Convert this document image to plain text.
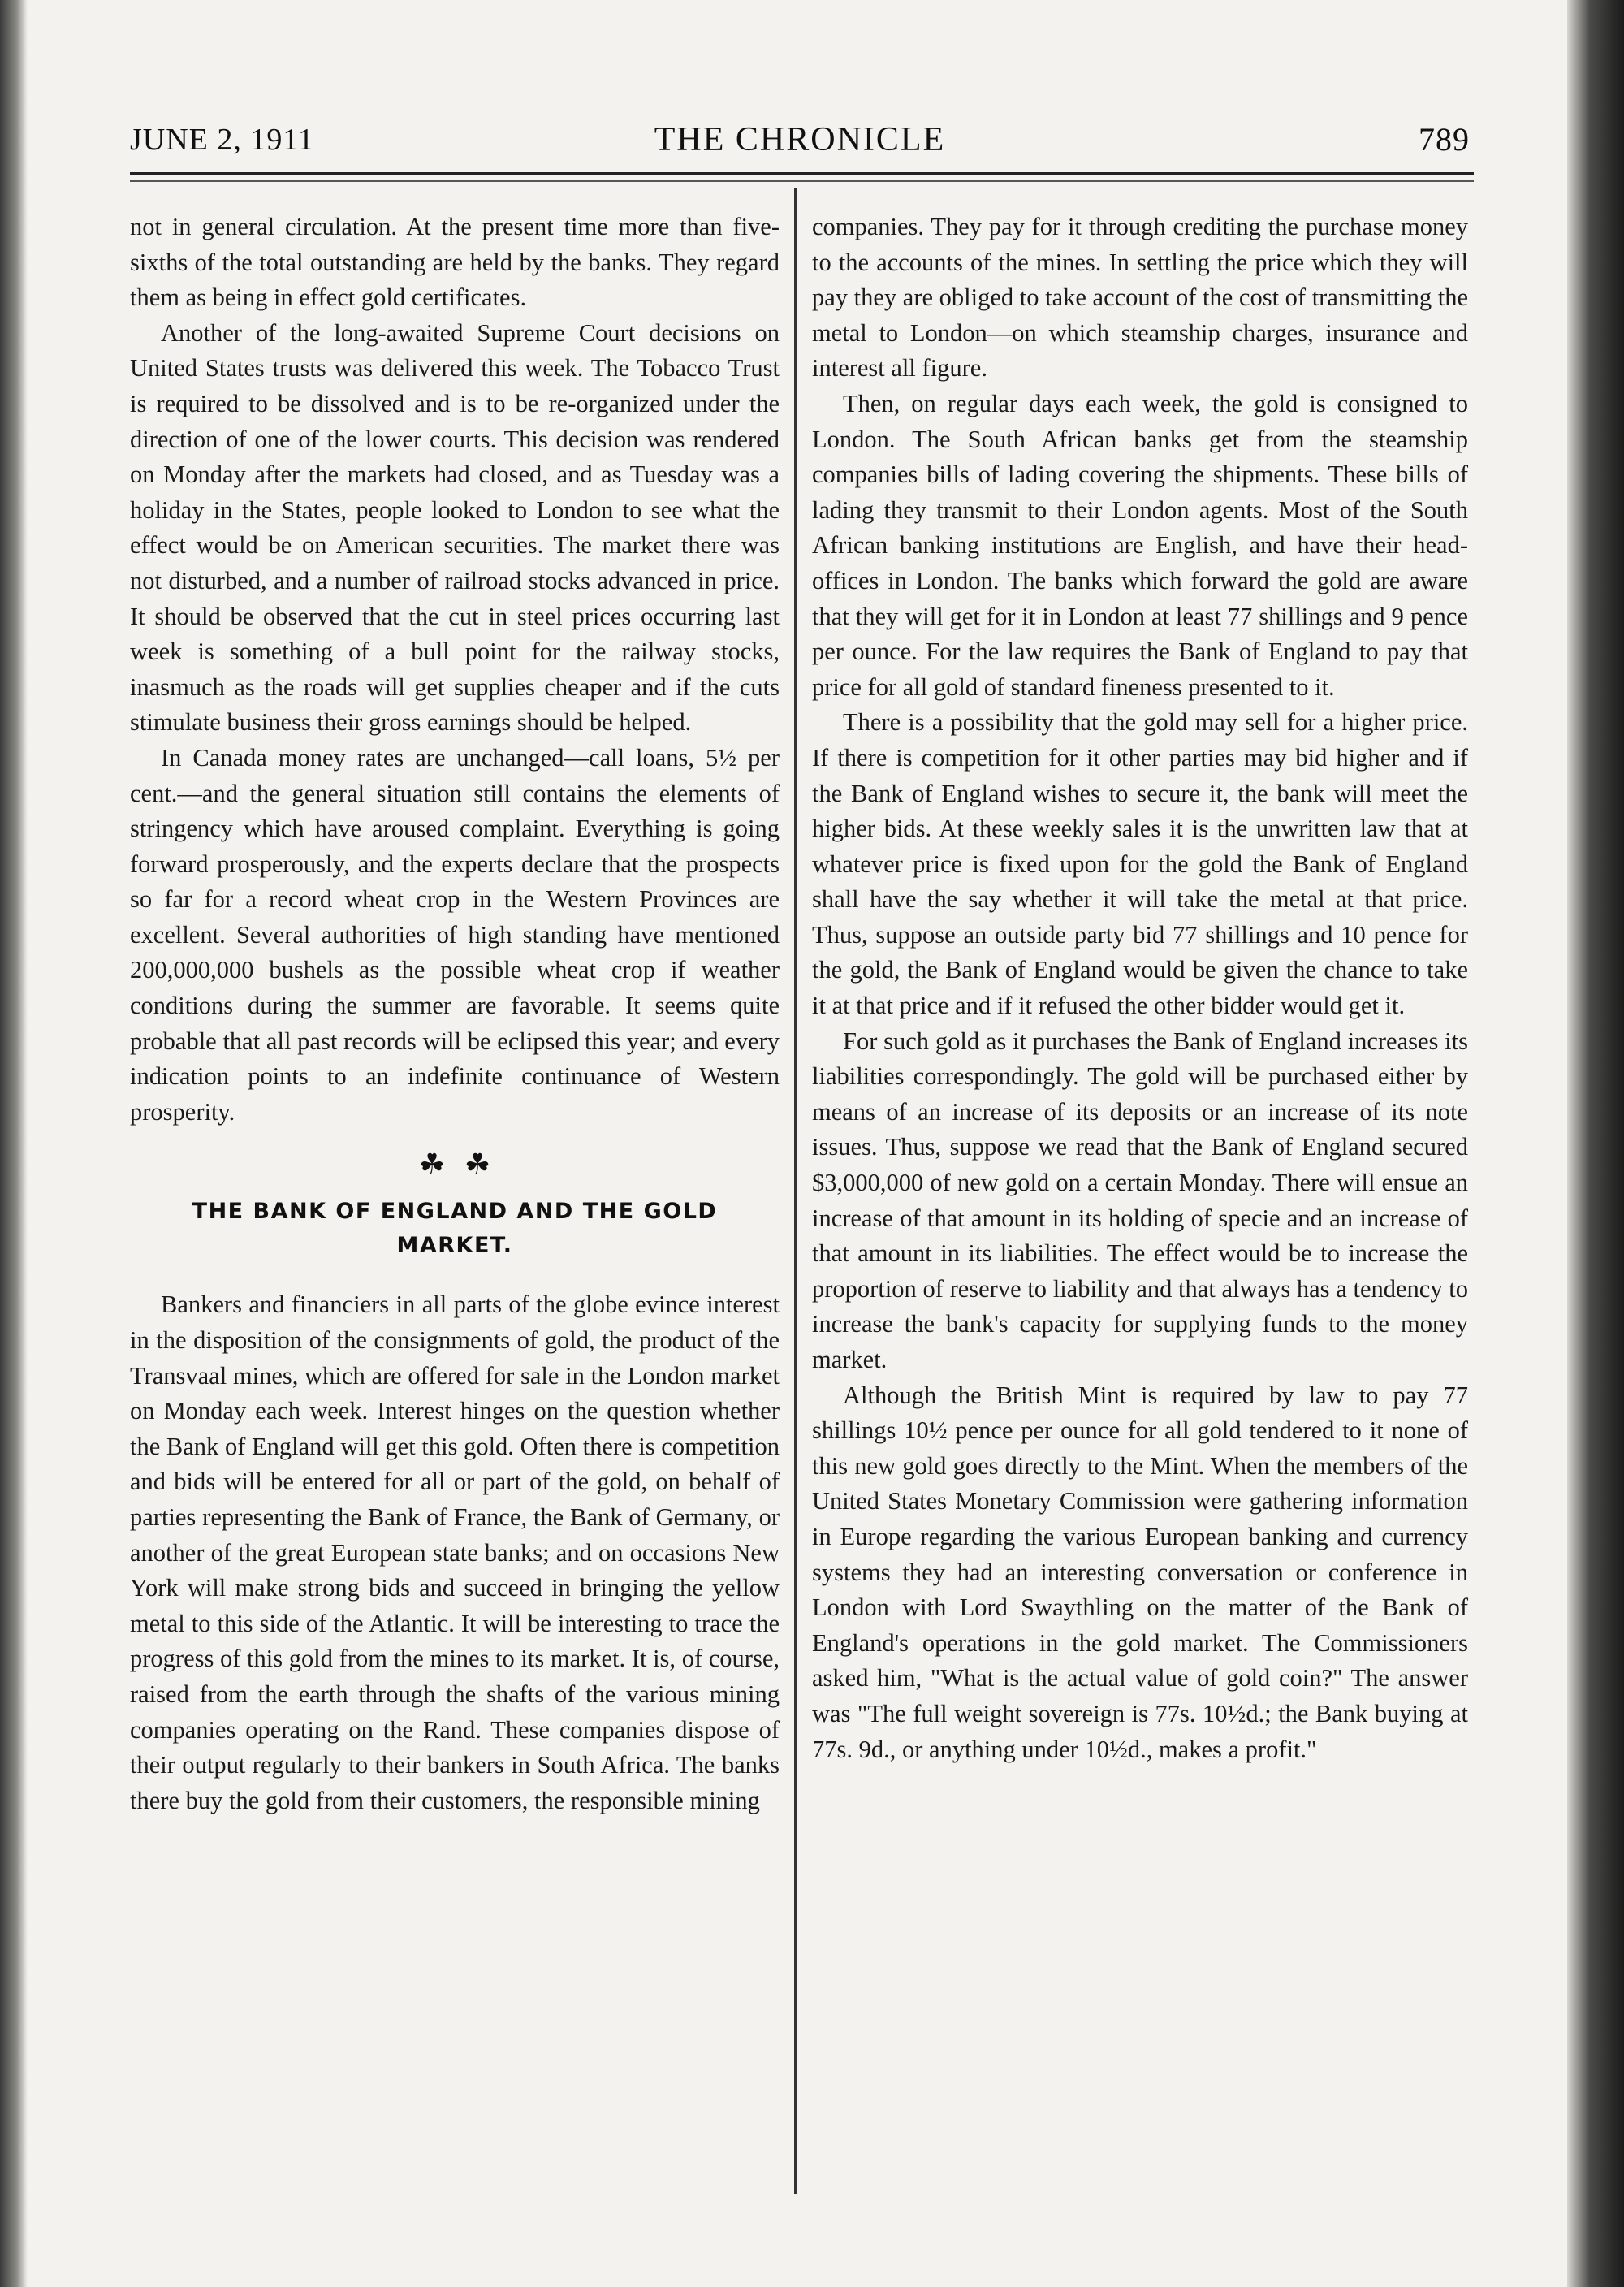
JUNE 2, 1911	THE CHRONICLE	789

not in general circulation. At the present time more than five-sixths of the total outstanding are held by the banks. They regard them as being in effect gold certificates.

Another of the long-awaited Supreme Court decisions on United States trusts was delivered this week. The Tobacco Trust is required to be dissolved and is to be re-organized under the direction of one of the lower courts. This decision was rendered on Monday after the markets had closed, and as Tuesday was a holiday in the States, people looked to London to see what the effect would be on American securities. The market there was not disturbed, and a number of railroad stocks advanced in price. It should be observed that the cut in steel prices occurring last week is something of a bull point for the railway stocks, inasmuch as the roads will get supplies cheaper and if the cuts stimulate business their gross earnings should be helped.

In Canada money rates are unchanged—call loans, 5½ per cent.—and the general situation still contains the elements of stringency which have aroused complaint. Everything is going forward prosperously, and the experts declare that the prospects so far for a record wheat crop in the Western Provinces are excellent. Several authorities of high standing have mentioned 200,000,000 bushels as the possible wheat crop if weather conditions during the summer are favorable. It seems quite probable that all past records will be eclipsed this year; and every indication points to an indefinite continuance of Western prosperity.

☘ ☘
THE BANK OF ENGLAND AND THE GOLD
MARKET.

Bankers and financiers in all parts of the globe evince interest in the disposition of the consignments of gold, the product of the Transvaal mines, which are offered for sale in the London market on Monday each week. Interest hinges on the question whether the Bank of England will get this gold. Often there is competition and bids will be entered for all or part of the gold, on behalf of parties representing the Bank of France, the Bank of Germany, or another of the great European state banks; and on occasions New York will make strong bids and succeed in bringing the yellow metal to this side of the Atlantic. It will be interesting to trace the progress of this gold from the mines to its market. It is, of course, raised from the earth through the shafts of the various mining companies operating on the Rand. These companies dispose of their output regularly to their bankers in South Africa. The banks there buy the gold from their customers, the responsible mining

companies. They pay for it through crediting the purchase money to the accounts of the mines. In settling the price which they will pay they are obliged to take account of the cost of transmitting the metal to London—on which steamship charges, insurance and interest all figure.

Then, on regular days each week, the gold is consigned to London. The South African banks get from the steamship companies bills of lading covering the shipments. These bills of lading they transmit to their London agents. Most of the South African banking institutions are English, and have their head-offices in London. The banks which forward the gold are aware that they will get for it in London at least 77 shillings and 9 pence per ounce. For the law requires the Bank of England to pay that price for all gold of standard fineness presented to it.

There is a possibility that the gold may sell for a higher price. If there is competition for it other parties may bid higher and if the Bank of England wishes to secure it, the bank will meet the higher bids. At these weekly sales it is the unwritten law that at whatever price is fixed upon for the gold the Bank of England shall have the say whether it will take the metal at that price. Thus, suppose an outside party bid 77 shillings and 10 pence for the gold, the Bank of England would be given the chance to take it at that price and if it refused the other bidder would get it.

For such gold as it purchases the Bank of England increases its liabilities correspondingly. The gold will be purchased either by means of an increase of its deposits or an increase of its note issues. Thus, suppose we read that the Bank of England secured $3,000,000 of new gold on a certain Monday. There will ensue an increase of that amount in its holding of specie and an increase of that amount in its liabilities. The effect would be to increase the proportion of reserve to liability and that always has a tendency to increase the bank's capacity for supplying funds to the money market.

Although the British Mint is required by law to pay 77 shillings 10½ pence per ounce for all gold tendered to it none of this new gold goes directly to the Mint. When the members of the United States Monetary Commission were gathering information in Europe regarding the various European banking and currency systems they had an interesting conversation or conference in London with Lord Swaythling on the matter of the Bank of England's operations in the gold market. The Commissioners asked him, "What is the actual value of gold coin?" The answer was "The full weight sovereign is 77s. 10½d.; the Bank buying at 77s. 9d., or anything under 10½d., makes a profit."
